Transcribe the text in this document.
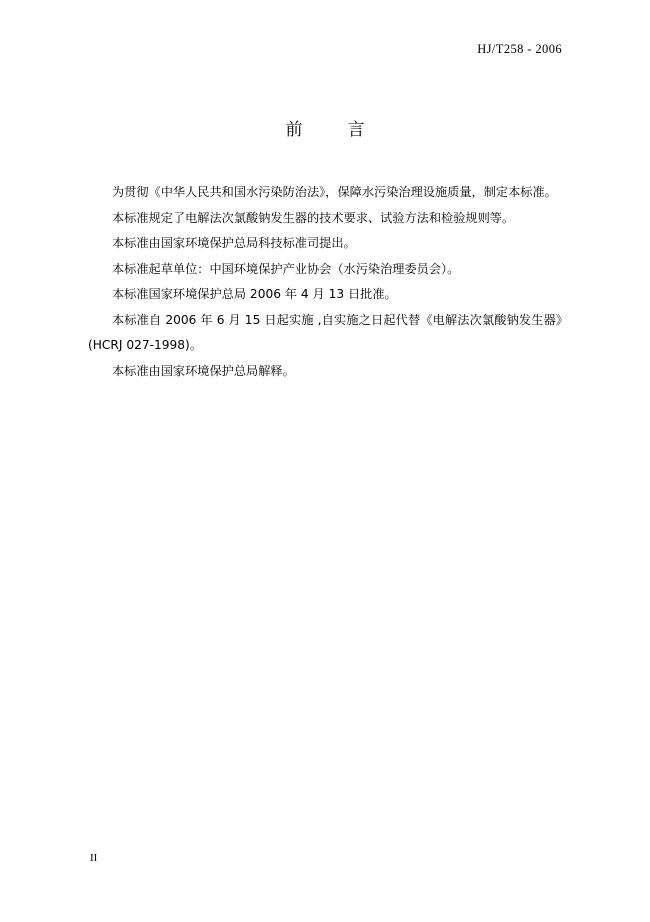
HJ/T258 - 2006
前　言

为贯彻《中华人民共和国水污染防治法》，保障水污染治理设施质量，制定本标准。

本标准规定了电解法次氯酸钠发生器的技术要求、试验方法和检验规则等。

本标准由国家环境保护总局科技标准司提出。

本标准起草单位：中国环境保护产业协会（水污染治理委员会）。

本标准国家环境保护总局 2006 年 4 月 13 日批准。

本标准自 2006 年 6 月 15 日起实施 ,自实施之日起代替《电解法次氯酸钠发生器》(HCRJ 027-1998)。

本标准由国家环境保护总局解释。

II
